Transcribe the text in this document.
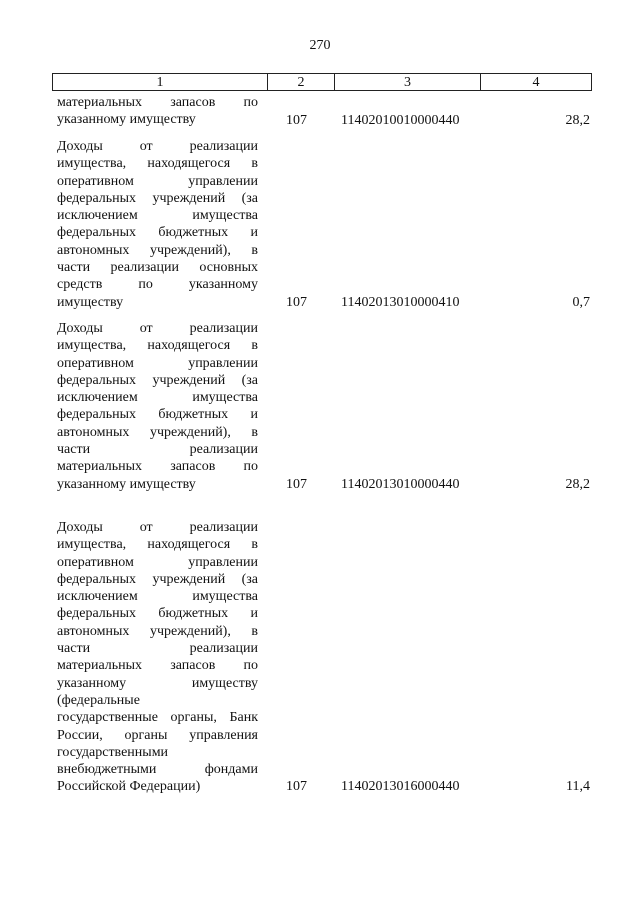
270
1	2	3	4
материальных запасов по
указанному имуществу	107 11402010010000440	28,2
Доходы от реализации
имущества, находящегося в
оперативном управлении
федеральных учреждений (за
исключением имущества
федеральных бюджетных и
автономных учреждений), в
части реализации основных
средств по указанному
имуществу	107 11402013010000410	0,7
Доходы от реализации
имущества, находящегося в
оперативном управлении
федеральных учреждений (за
исключением имущества
федеральных бюджетных и
автономных учреждений), в
части реализации
материальных запасов по
указанному имуществу	107 11402013010000440	28,2
Доходы от реализации
имущества, находящегося в
оперативном управлении
федеральных учреждений (за
исключением имущества
федеральных бюджетных и
автономных учреждений), в
части реализации
материальных запасов по
указанному имуществу
(федеральные
государственные органы, Банк
России, органы управления
государственными
внебюджетными фондами
Российской Федерации)	107 11402013016000440	11,4
